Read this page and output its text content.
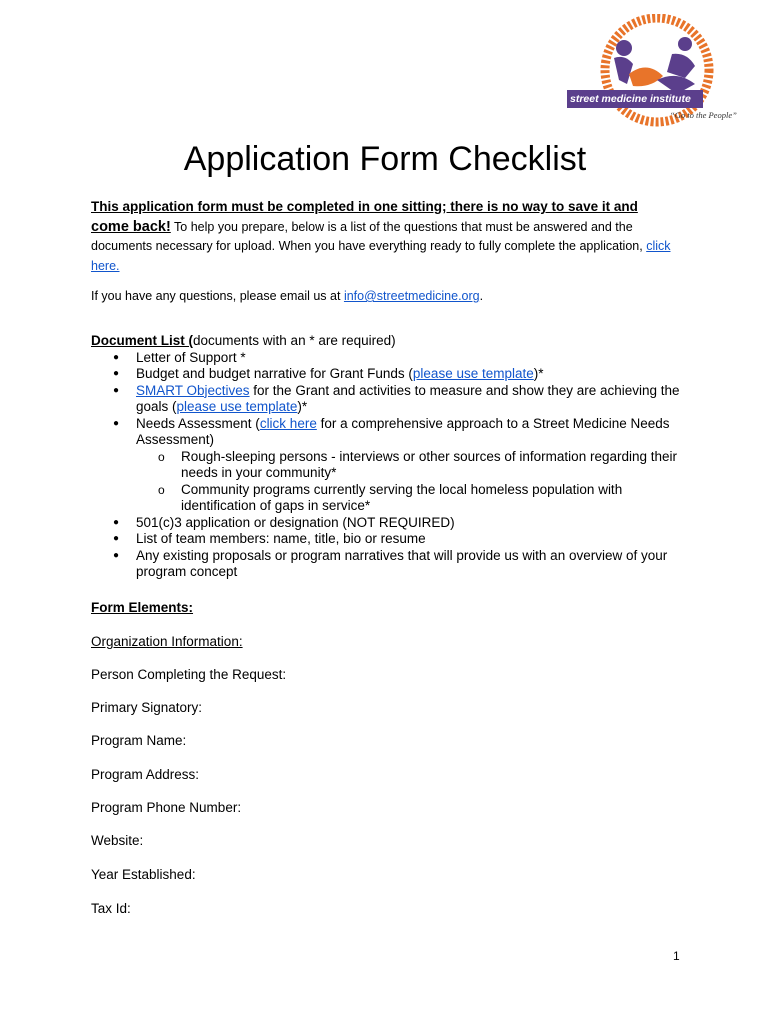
street medicine institute
“Go to the People”
Application Form Checklist
This application form must be completed in one sitting; there is no way to save it and
come back! To help you prepare, below is a list of the questions that must be answered and the documents necessary for upload. When you have everything ready to fully complete the application, click here.
If you have any questions, please email us at info@streetmedicine.org.
Document List (documents with an * are required)
● Letter of Support *
● Budget and budget narrative for Grant Funds (please use template)*
● SMART Objectives for the Grant and activities to measure and show they are achieving the goals (please use template)*
● Needs Assessment (click here for a comprehensive approach to a Street Medicine Needs Assessment)
o Rough-sleeping persons - interviews or other sources of information regarding their needs in your community*
o Community programs currently serving the local homeless population with identification of gaps in service*
● 501(c)3 application or designation (NOT REQUIRED)
● List of team members: name, title, bio or resume
● Any existing proposals or program narratives that will provide us with an overview of your program concept
Form Elements:
Organization Information:
Person Completing the Request:
Primary Signatory:
Program Name:
Program Address:
Program Phone Number:
Website:
Year Established:
Tax Id:
1
